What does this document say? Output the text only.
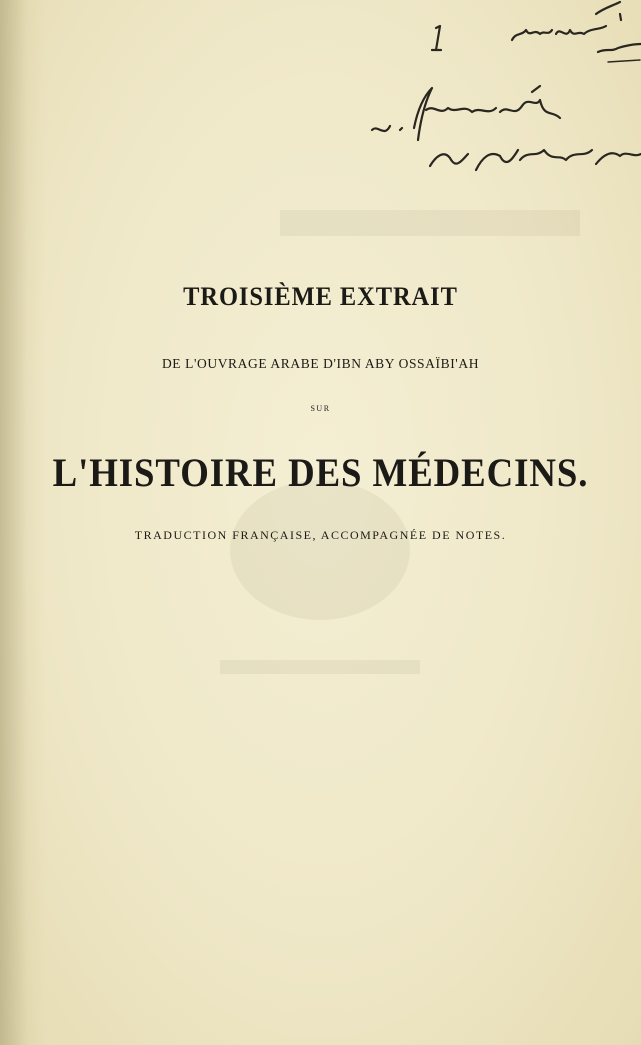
TROISIÈME EXTRAIT
DE L'OUVRAGE ARABE D'IBN ABY OSSAÏBI'AH
SUR
L'HISTOIRE DES MÉDECINS.
TRADUCTION FRANÇAISE, ACCOMPAGNÉE DE NOTES.
